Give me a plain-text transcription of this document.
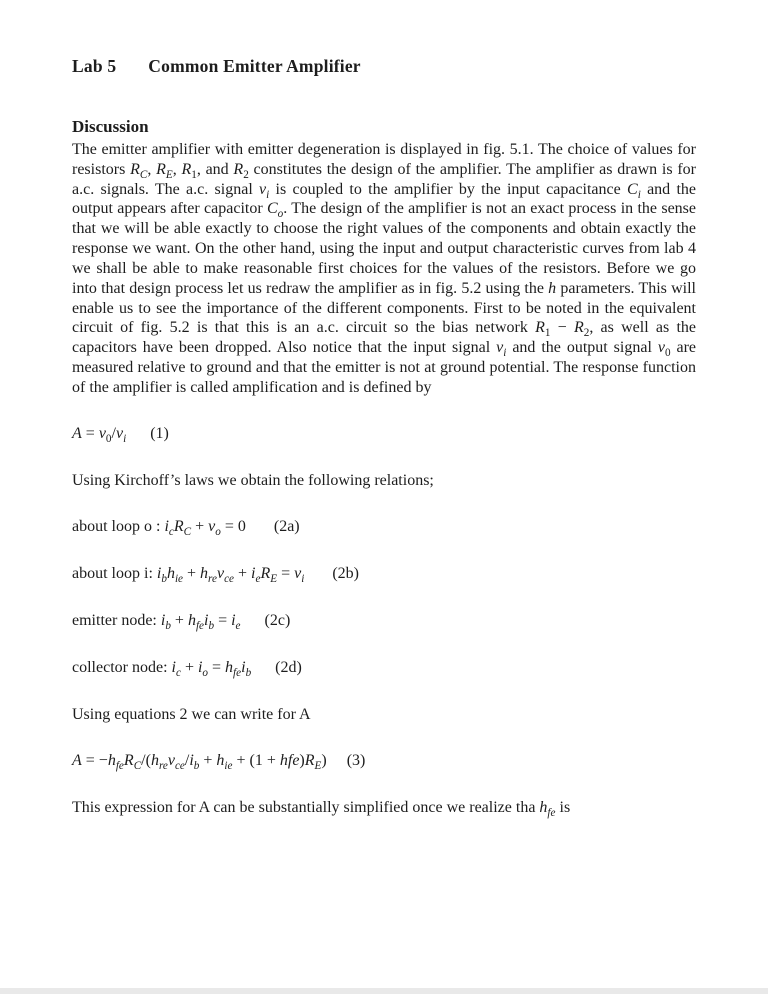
Lab 5 Common Emitter Amplifier
Discussion

The emitter amplifier with emitter degeneration is displayed in fig. 5.1. The choice of values for resistors $R_C$, $R_E$, $R_1$, and $R_2$ constitutes the design of the amplifier. The amplifier as drawn is for a.c. signals. The a.c. signal $v_i$ is coupled to the amplifier by the input capacitance $C_i$ and the output appears after capacitor $C_o$. The design of the amplifier is not an exact process in the sense that we will be able exactly to choose the right values of the components and obtain exactly the response we want. On the other hand, using the input and output characteristic curves from lab 4 we shall be able to make reasonable first choices for the values of the resistors. Before we go into that design process let us redraw the amplifier as in fig. 5.2 using the h parameters. This will enable us to see the importance of the different components. First to be noted in the equivalent circuit of fig. 5.2 is that this is an a.c. circuit so the bias network $R_1 - R_2$, as well as the capacitors have been dropped. Also notice that the input signal $v_i$ and the output signal $v_0$ are measured relative to ground and that the emitter is not at ground potential. The response function of the amplifier is called amplification and is defined by

$A = v_0/v_i$      (1)
Using Kirchoff’s laws we obtain the following relations;
about loop o : $i_cR_C + v_o = 0$       (2a)
about loop i: $i_bh_{ie} + h_{re}v_{ce} + i_eR_E = v_i$       (2b)
emitter node: $i_b + h_{fe}i_b = i_e$      (2c)
collector node: $i_c + i_o = h_{fe}i_b$      (2d)
Using equations 2 we can write for A
$A = -h_{fe}R_C/(h_{re}v_{ce}/i_b + h_{ie} + (1 + hfe)R_E)$     (3)
This expression for A can be substantially simplified once we realize tha $h_{fe}$ is
